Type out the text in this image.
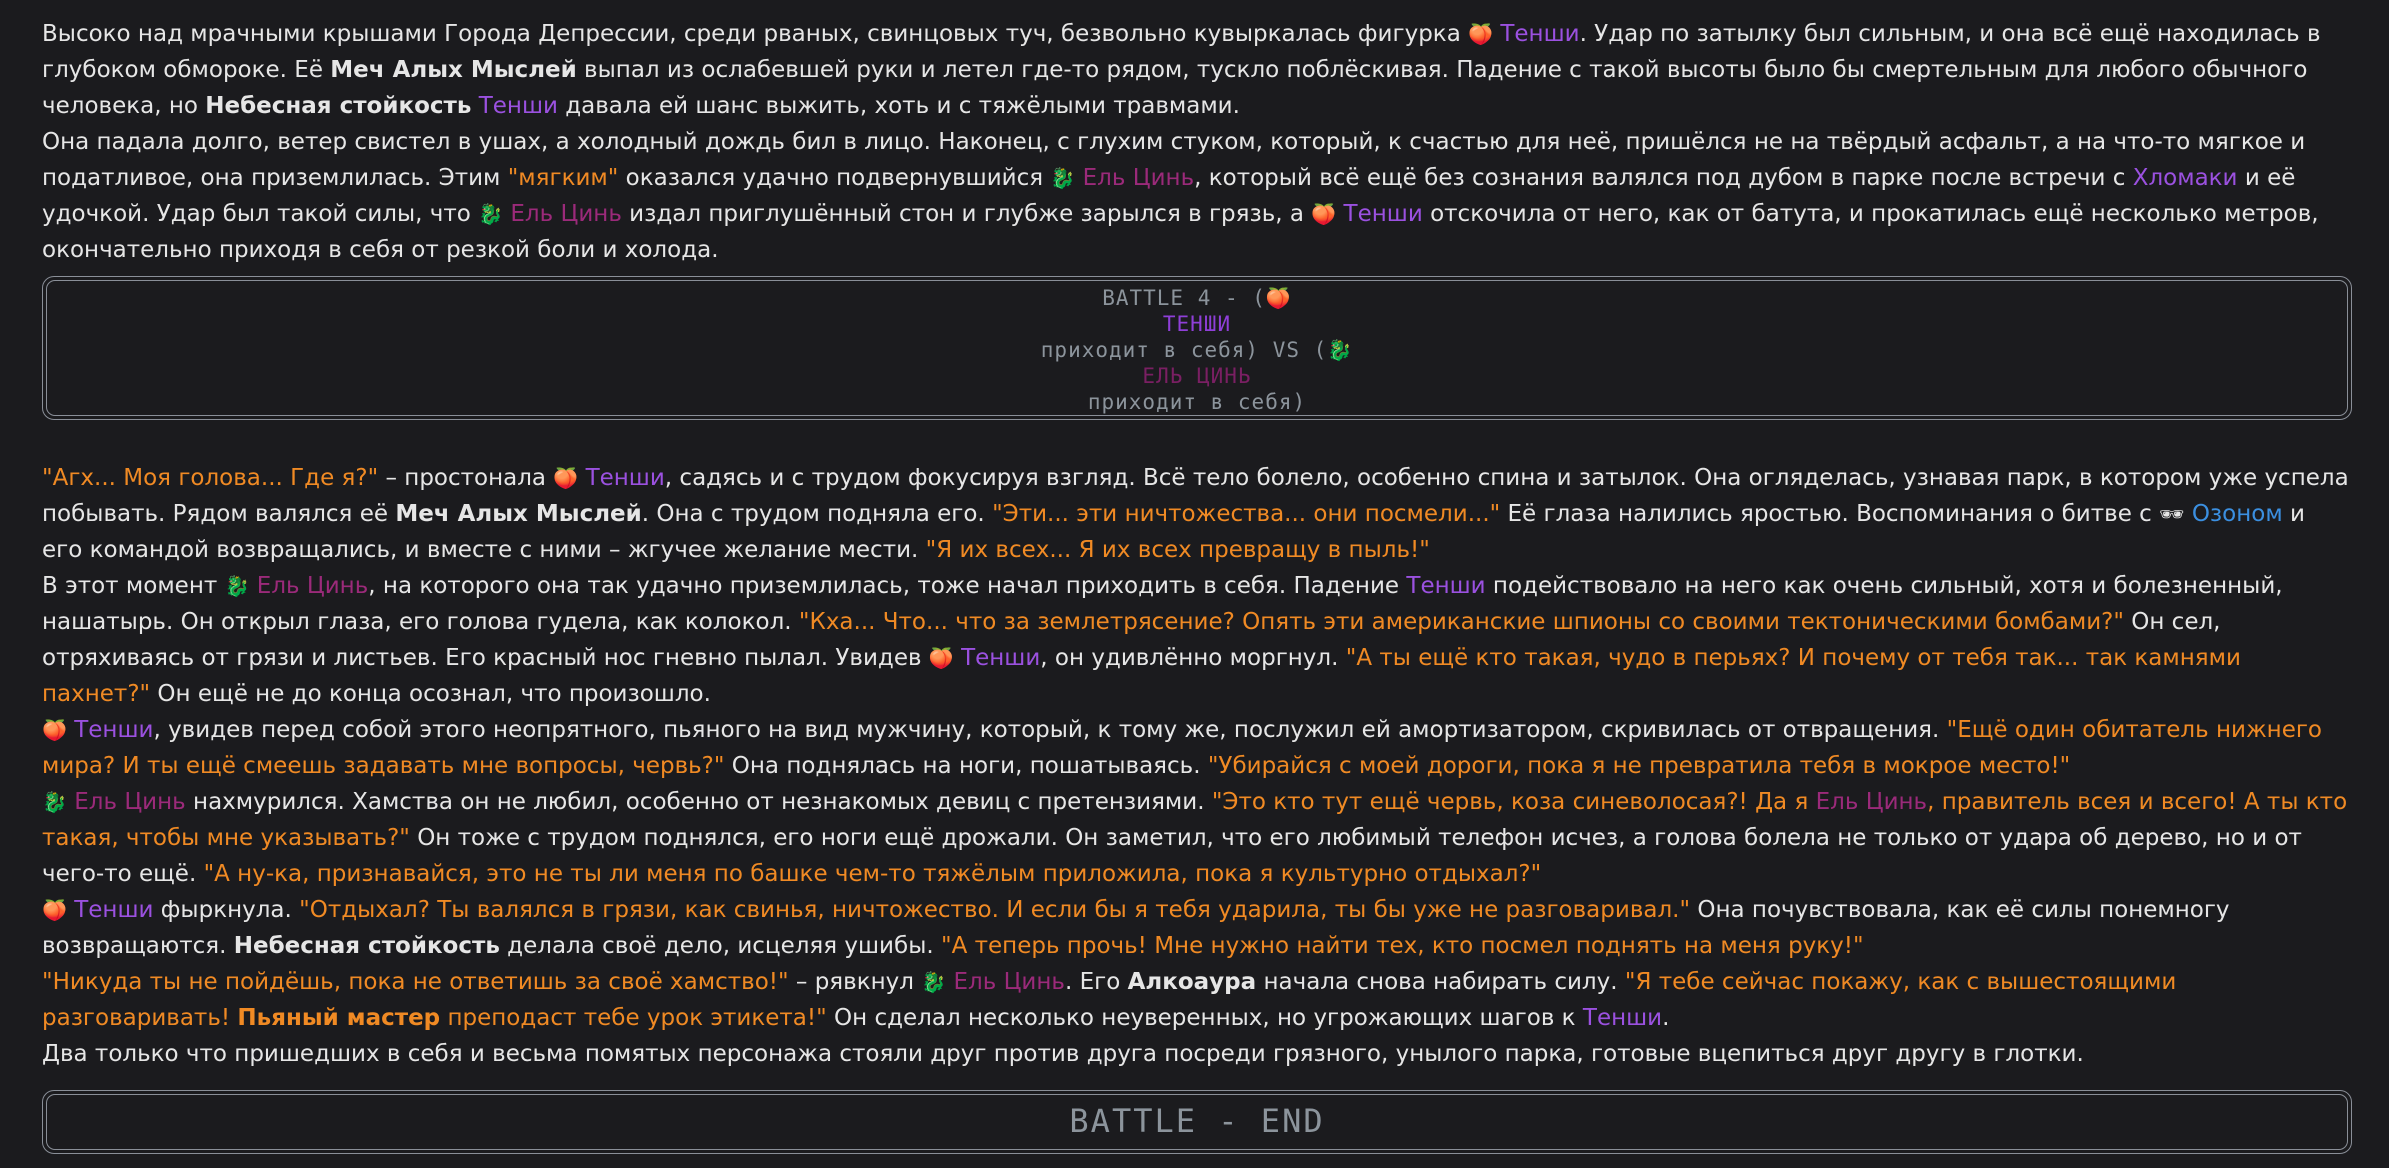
Высоко над мрачными крышами Города Депрессии, среди рваных, свинцовых туч, безвольно кувыркалась фигурка 🍑 Тенши. Удар по затылку был сильным, и она всё ещё находилась в глубоком обмороке. Её Меч Алых Мыслей выпал из ослабевшей руки и летел где-то рядом, тускло поблёскивая. Падение с такой высоты было бы смертельным для любого обычного человека, но Небесная стойкость Тенши давала ей шанс выжить, хоть и с тяжёлыми травмами.

Она падала долго, ветер свистел в ушах, а холодный дождь бил в лицо. Наконец, с глухим стуком, который, к счастью для неё, пришёлся не на твёрдый асфальт, а на что-то мягкое и податливое, она приземлилась. Этим "мягким" оказался удачно подвернувшийся 🐉 Ель Цинь, который всё ещё без сознания валялся под дубом в парке после встречи с Хломаки и её удочкой. Удар был такой силы, что 🐉 Ель Цинь издал приглушённый стон и глубже зарылся в грязь, а 🍑 Тенши отскочила от него, как от батута, и прокатилась ещё несколько метров, окончательно приходя в себя от резкой боли и холода.

BATTLE 4 - (🍑
ТЕНШИ
приходит в себя) VS (🐉
ЕЛЬ ЦИНЬ
приходит в себя)

"Агх... Моя голова... Где я?" – простонала 🍑 Тенши, садясь и с трудом фокусируя взгляд. Всё тело болело, особенно спина и затылок. Она огляделась, узнавая парк, в котором уже успела побывать. Рядом валялся её Меч Алых Мыслей. Она с трудом подняла его. "Эти... эти ничтожества... они посмели..." Её глаза налились яростью. Воспоминания о битве с 🕶 Озоном и его командой возвращались, и вместе с ними – жгучее желание мести. "Я их всех... Я их всех превращу в пыль!"

В этот момент 🐉 Ель Цинь, на которого она так удачно приземлилась, тоже начал приходить в себя. Падение Тенши подействовало на него как очень сильный, хотя и болезненный, нашатырь. Он открыл глаза, его голова гудела, как колокол. "Кха... Что... что за землетрясение? Опять эти американские шпионы со своими тектоническими бомбами?" Он сел, отряхиваясь от грязи и листьев. Его красный нос гневно пылал. Увидев 🍑 Тенши, он удивлённо моргнул. "А ты ещё кто такая, чудо в перьях? И почему от тебя так... так камнями пахнет?" Он ещё не до конца осознал, что произошло.

🍑 Тенши, увидев перед собой этого неопрятного, пьяного на вид мужчину, который, к тому же, послужил ей амортизатором, скривилась от отвращения. "Ещё один обитатель нижнего мира? И ты ещё смеешь задавать мне вопросы, червь?" Она поднялась на ноги, пошатываясь. "Убирайся с моей дороги, пока я не превратила тебя в мокрое место!"

🐉 Ель Цинь нахмурился. Хамства он не любил, особенно от незнакомых девиц с претензиями. "Это кто тут ещё червь, коза синеволосая?! Да я Ель Цинь, правитель всея и всего! А ты кто такая, чтобы мне указывать?" Он тоже с трудом поднялся, его ноги ещё дрожали. Он заметил, что его любимый телефон исчез, а голова болела не только от удара об дерево, но и от чего-то ещё. "А ну-ка, признавайся, это не ты ли меня по башке чем-то тяжёлым приложила, пока я культурно отдыхал?"

🍑 Тенши фыркнула. "Отдыхал? Ты валялся в грязи, как свинья, ничтожество. И если бы я тебя ударила, ты бы уже не разговаривал." Она почувствовала, как её силы понемногу возвращаются. Небесная стойкость делала своё дело, исцеляя ушибы. "А теперь прочь! Мне нужно найти тех, кто посмел поднять на меня руку!"

"Никуда ты не пойдёшь, пока не ответишь за своё хамство!" – рявкнул 🐉 Ель Цинь. Его Алкоаура начала снова набирать силу. "Я тебе сейчас покажу, как с вышестоящими разговаривать! Пьяный мастер преподаст тебе урок этикета!" Он сделал несколько неуверенных, но угрожающих шагов к Тенши.

Два только что пришедших в себя и весьма помятых персонажа стояли друг против друга посреди грязного, унылого парка, готовые вцепиться друг другу в глотки.

BATTLE - END
